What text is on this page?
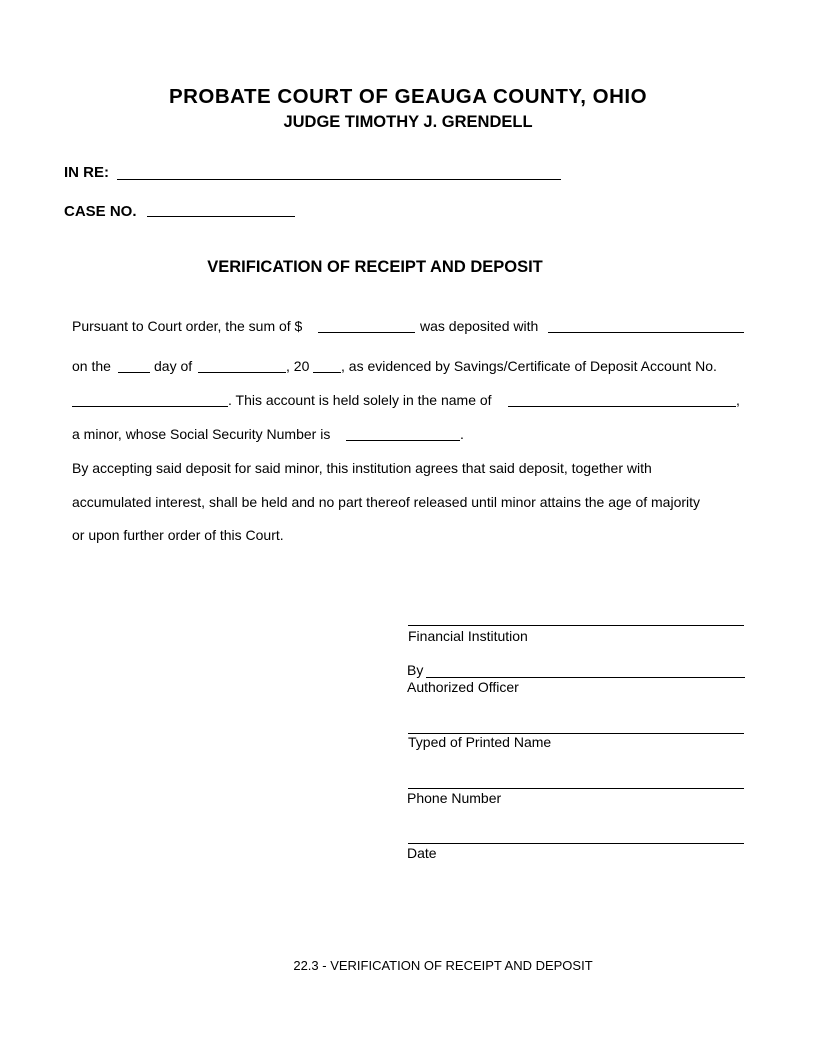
PROBATE COURT OF GEAUGA COUNTY, OHIO
JUDGE TIMOTHY J. GRENDELL
IN RE:
CASE NO.
VERIFICATION OF RECEIPT AND DEPOSIT
Pursuant to Court order, the sum of $	was deposited with
on the	day of	, 20 , as evidenced by Savings/Certificate of Deposit Account No.
. This account is held solely in the name of	,
a minor, whose Social Security Number is	.
By accepting said deposit for said minor, this institution agrees that said deposit, together with
accumulated interest, shall be held and no part thereof released until minor attains the age of majority
or upon further order of this Court.
Financial Institution
By
Authorized Officer
Typed of Printed Name
Phone Number
Date
22.3 - VERIFICATION OF RECEIPT AND DEPOSIT
